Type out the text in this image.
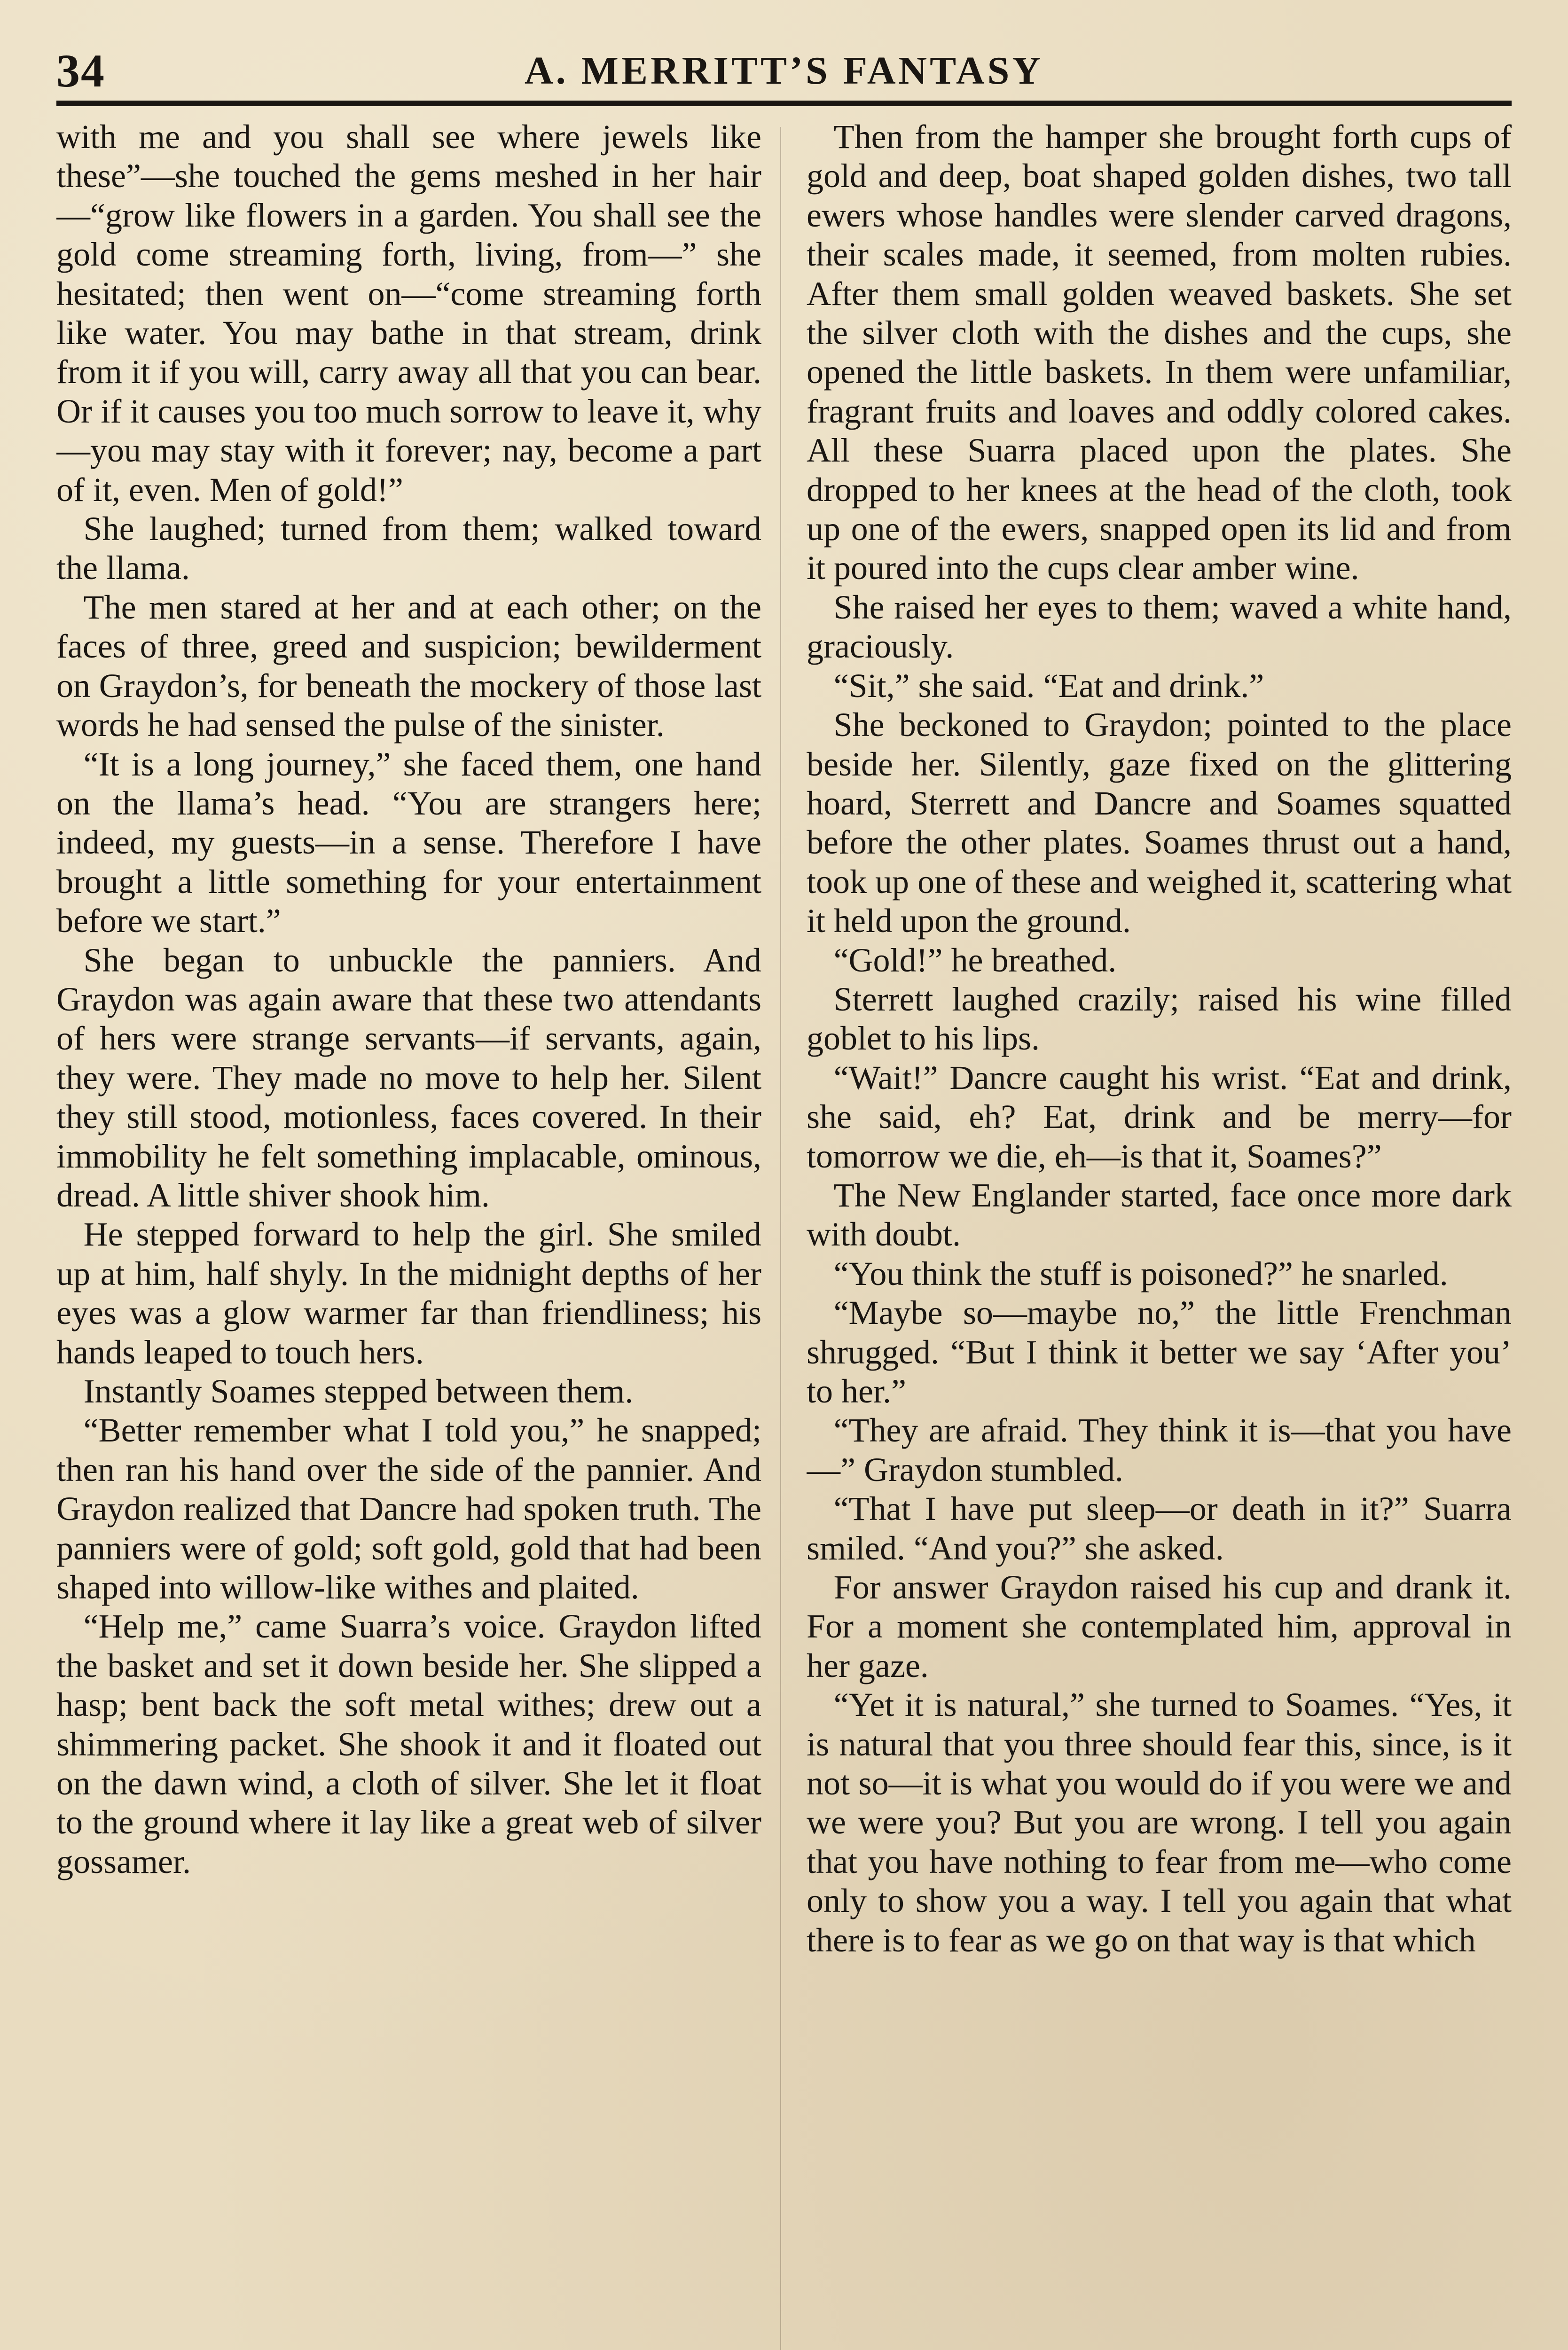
34	A. MERRITT’S FANTASY

with me and you shall see where jewels like these”—she touched the gems meshed in her hair—“grow like flowers in a garden. You shall see the gold come streaming forth, living, from—” she hesitated; then went on—“come streaming forth like water. You may bathe in that stream, drink from it if you will, carry away all that you can bear. Or if it causes you too much sorrow to leave it, why—you may stay with it forever; nay, become a part of it, even. Men of gold!”

She laughed; turned from them; walked toward the llama.

The men stared at her and at each other; on the faces of three, greed and suspicion; bewilderment on Graydon’s, for beneath the mockery of those last words he had sensed the pulse of the sinister.

“It is a long journey,” she faced them, one hand on the llama’s head. “You are strangers here; indeed, my guests—in a sense. Therefore I have brought a little something for your entertainment before we start.”

She began to unbuckle the panniers. And Graydon was again aware that these two attendants of hers were strange servants—if servants, again, they were. They made no move to help her. Silent they still stood, motionless, faces covered. In their immobility he felt something implacable, ominous, dread. A little shiver shook him.

He stepped forward to help the girl. She smiled up at him, half shyly. In the midnight depths of her eyes was a glow warmer far than friendliness; his hands leaped to touch hers.

Instantly Soames stepped between them.

“Better remember what I told you,” he snapped; then ran his hand over the side of the pannier. And Graydon realized that Dancre had spoken truth. The panniers were of gold; soft gold, gold that had been shaped into willow-like withes and plaited.

“Help me,” came Suarra’s voice. Graydon lifted the basket and set it down beside her. She slipped a hasp; bent back the soft metal withes; drew out a shimmering packet. She shook it and it floated out on the dawn wind, a cloth of silver. She let it float to the ground where it lay like a great web of silver gossamer.

Then from the hamper she brought forth cups of gold and deep, boat shaped golden dishes, two tall ewers whose handles were slender carved dragons, their scales made, it seemed, from molten rubies. After them small golden weaved baskets. She set the silver cloth with the dishes and the cups, she opened the little baskets. In them were unfamiliar, fragrant fruits and loaves and oddly colored cakes. All these Suarra placed upon the plates. She dropped to her knees at the head of the cloth, took up one of the ewers, snapped open its lid and from it poured into the cups clear amber wine.

She raised her eyes to them; waved a white hand, graciously.

“Sit,” she said. “Eat and drink.”

She beckoned to Graydon; pointed to the place beside her. Silently, gaze fixed on the glittering hoard, Sterrett and Dancre and Soames squatted before the other plates. Soames thrust out a hand, took up one of these and weighed it, scattering what it held upon the ground.

“Gold!” he breathed.

Sterrett laughed crazily; raised his wine filled goblet to his lips.

“Wait!” Dancre caught his wrist. “Eat and drink, she said, eh? Eat, drink and be merry—for tomorrow we die, eh—is that it, Soames?”

The New Englander started, face once more dark with doubt.

“You think the stuff is poisoned?” he snarled.

“Maybe so—maybe no,” the little Frenchman shrugged. “But I think it better we say ‘After you’ to her.”

“They are afraid. They think it is—that you have—” Graydon stumbled.

“That I have put sleep—or death in it?” Suarra smiled. “And you?” she asked.

For answer Graydon raised his cup and drank it. For a moment she contemplated him, approval in her gaze.

“Yet it is natural,” she turned to Soames. “Yes, it is natural that you three should fear this, since, is it not so—it is what you would do if you were we and we were you? But you are wrong. I tell you again that you have nothing to fear from me—who come only to show you a way. I tell you again that what there is to fear as we go on that way is that which
